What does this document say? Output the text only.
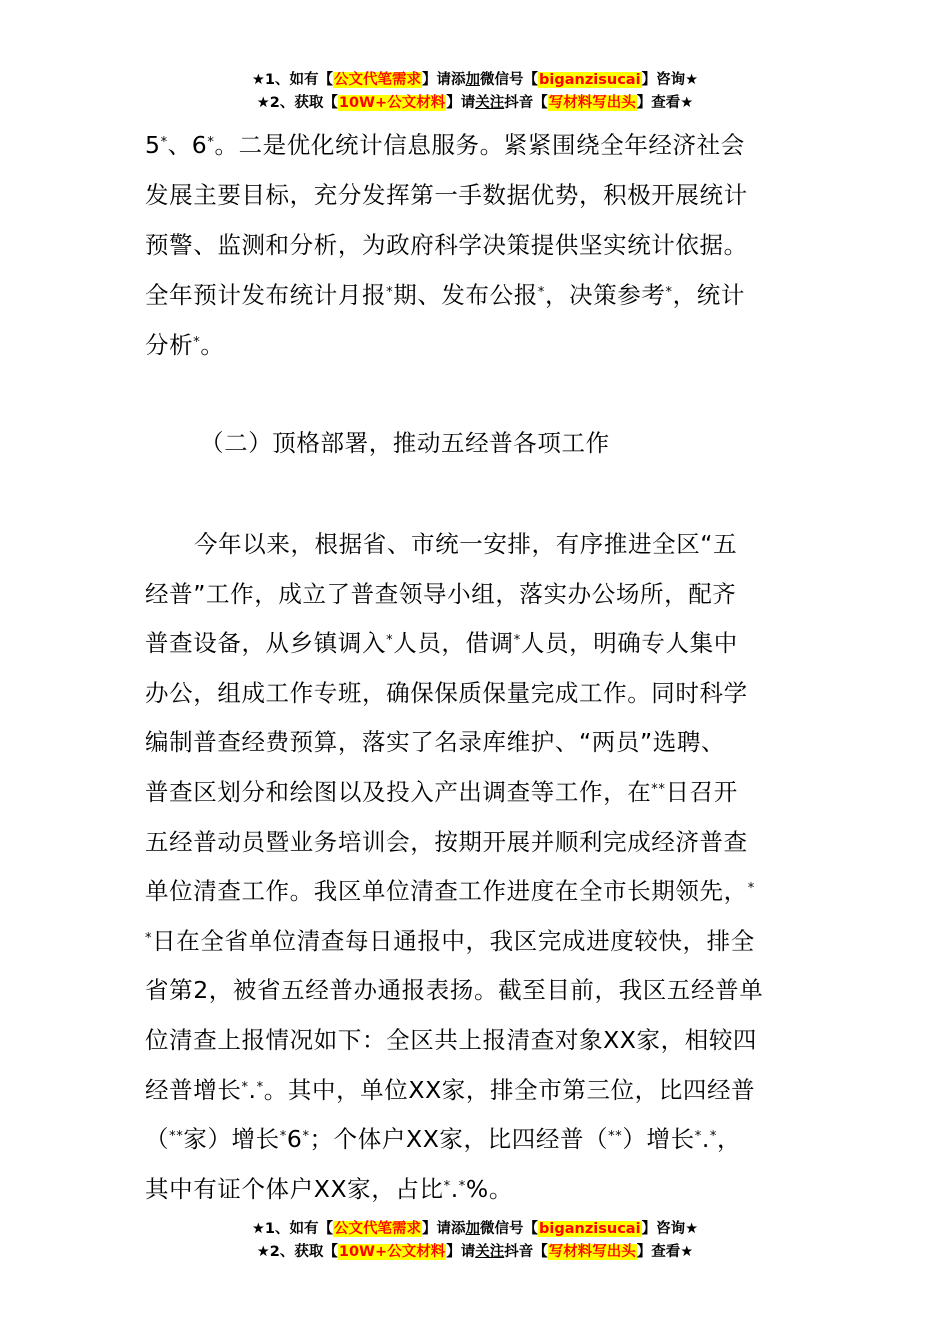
★1、如有【公文代笔需求】请添加微信号【biganzisucai】咨询★
★2、获取【10W+公文材料】请关注抖音【写材料写出头】查看★
5*、6*。二是优化统计信息服务。紧紧围绕全年经济社会
发展主要目标，充分发挥第一手数据优势，积极开展统计
预警、监测和分析，为政府科学决策提供坚实统计依据。
全年预计发布统计月报*期、发布公报*，决策参考*，统计
分析*。
（二）顶格部署，推动五经普各项工作
今年以来，根据省、市统一安排，有序推进全区“五
经普”工作，成立了普查领导小组，落实办公场所，配齐
普查设备，从乡镇调入*人员，借调*人员，明确专人集中
办公，组成工作专班，确保保质保量完成工作。同时科学
编制普查经费预算，落实了名录库维护、“两员”选聘、
普查区划分和绘图以及投入产出调查等工作，在**日召开
五经普动员暨业务培训会，按期开展并顺利完成经济普查
单位清查工作。我区单位清查工作进度在全市长期领先，*
*日在全省单位清查每日通报中，我区完成进度较快，排全
省第2，被省五经普办通报表扬。截至目前，我区五经普单
位清查上报情况如下：全区共上报清查对象XX家，相较四
经普增长*.*。其中，单位XX家，排全市第三位，比四经普
（**家）增长*6*；个体户XX家，比四经普（**）增长*.*，
其中有证个体户XX家，占比*.*%。
★1、如有【公文代笔需求】请添加微信号【biganzisucai】咨询★
★2、获取【10W+公文材料】请关注抖音【写材料写出头】查看★
